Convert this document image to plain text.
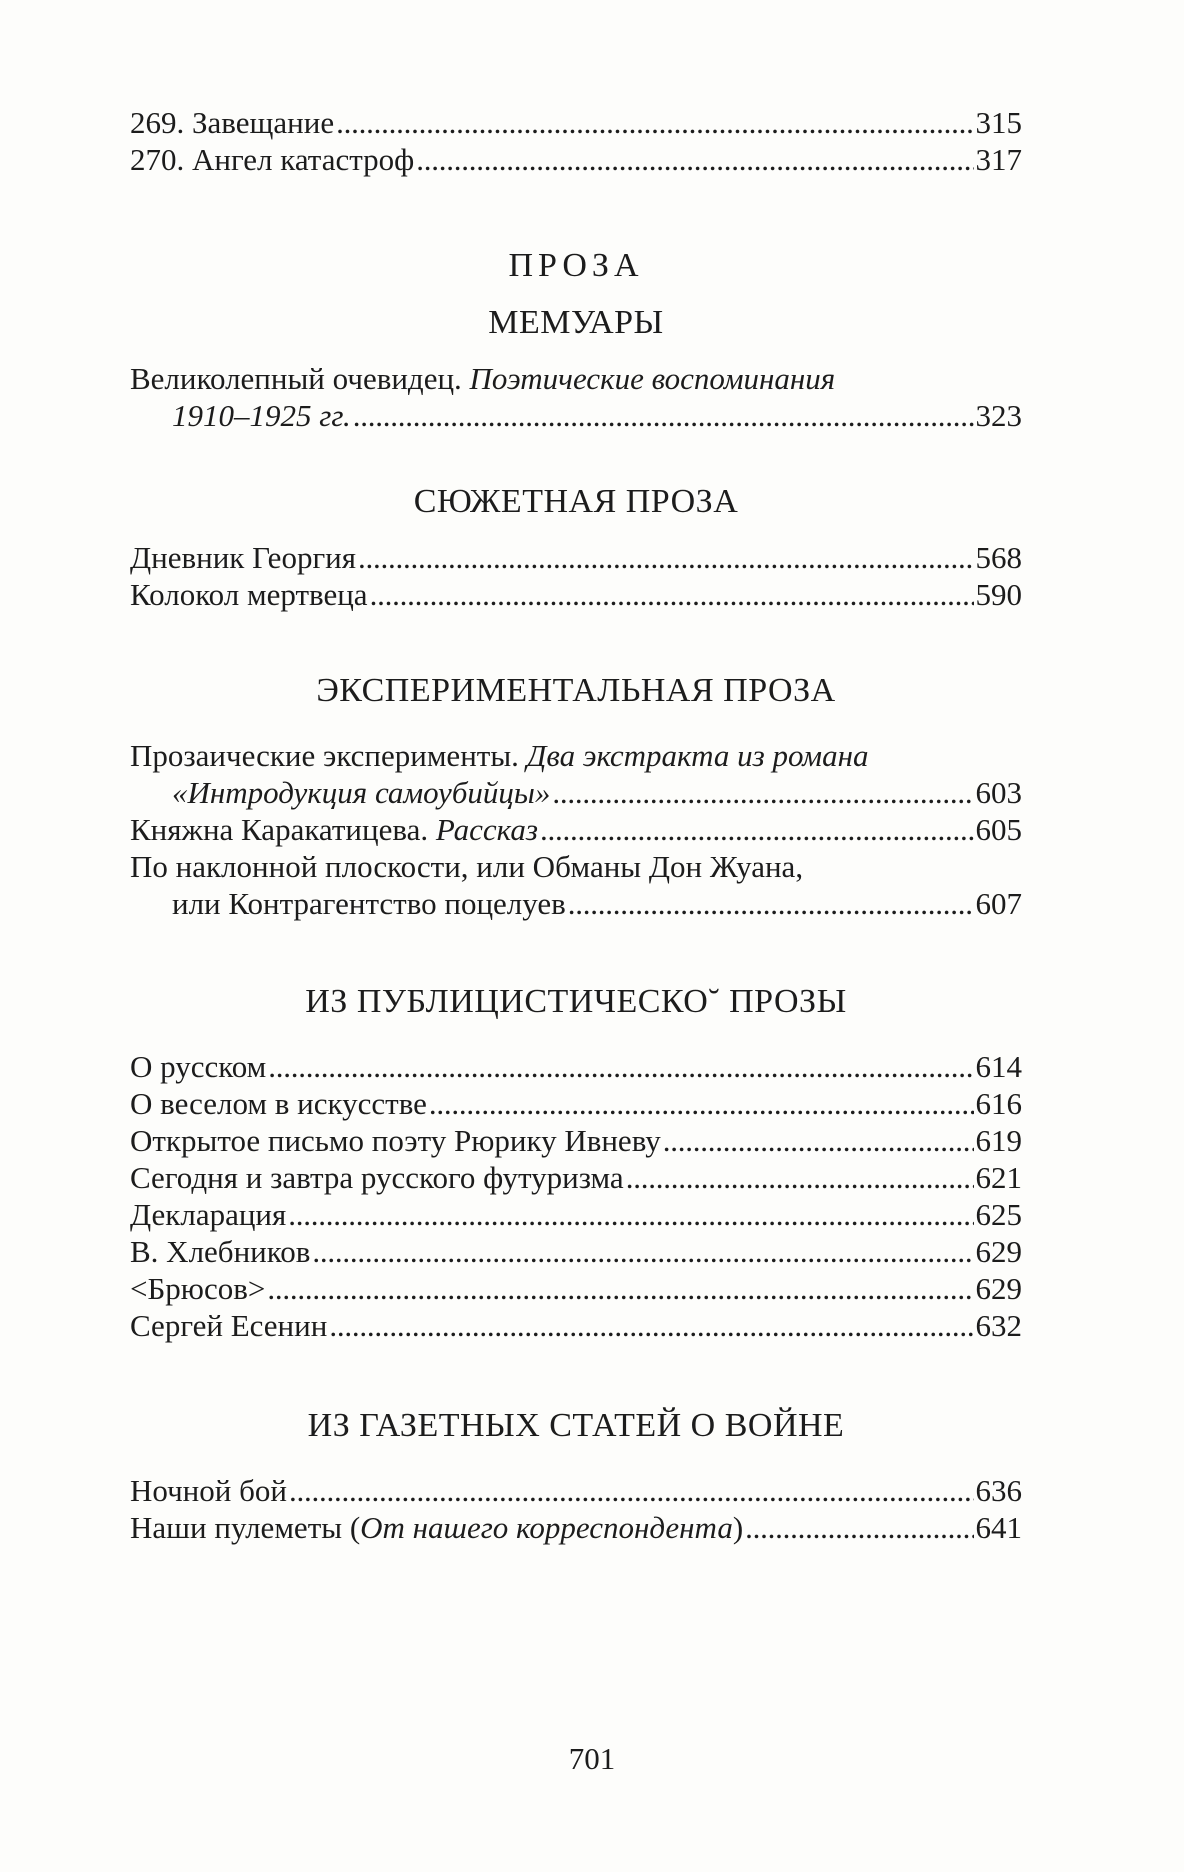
269. Завещание . . .	315
270. Ангел катастроф . . .	317
ПРОЗА
МЕМУАРЫ
Великолепный очевидец. Поэтические воспоминания
1910–1925 гг. . . .	323
СЮЖЕТНАЯ ПРОЗА
Дневник Георгия . . .	568
Колокол мертвеца . . .	590
ЭКСПЕРИМЕНТАЛЬНАЯ ПРОЗА
Прозаические эксперименты. Два экстракта из романа
«Интродукция самоубийцы» . . .	603
Княжна Каракатицева. Рассказ . . .	605
По наклонной плоскости, или Обманы Дон Жуана,
или Контрагентство поцелуев . . .	607
ИЗ ПУБЛИЦИСТИЧЕСКО˘ ПРОЗЫ
О русском . . .	614
О веселом в искусстве . . .	616
Открытое письмо поэту Рюрику Ивневу . . .	619
Сегодня и завтра русского футуризма . . .	621
Декларация . . .	625
В. Хлебников . . .	629
<Брюсов> . . .	629
Сергей Есенин . . .	632
ИЗ ГАЗЕТНЫХ СТАТЕЙ О ВОЙНЕ
Ночной бой . . .	636
Наши пулеметы (От нашего корреспондента) . . .	641
701
